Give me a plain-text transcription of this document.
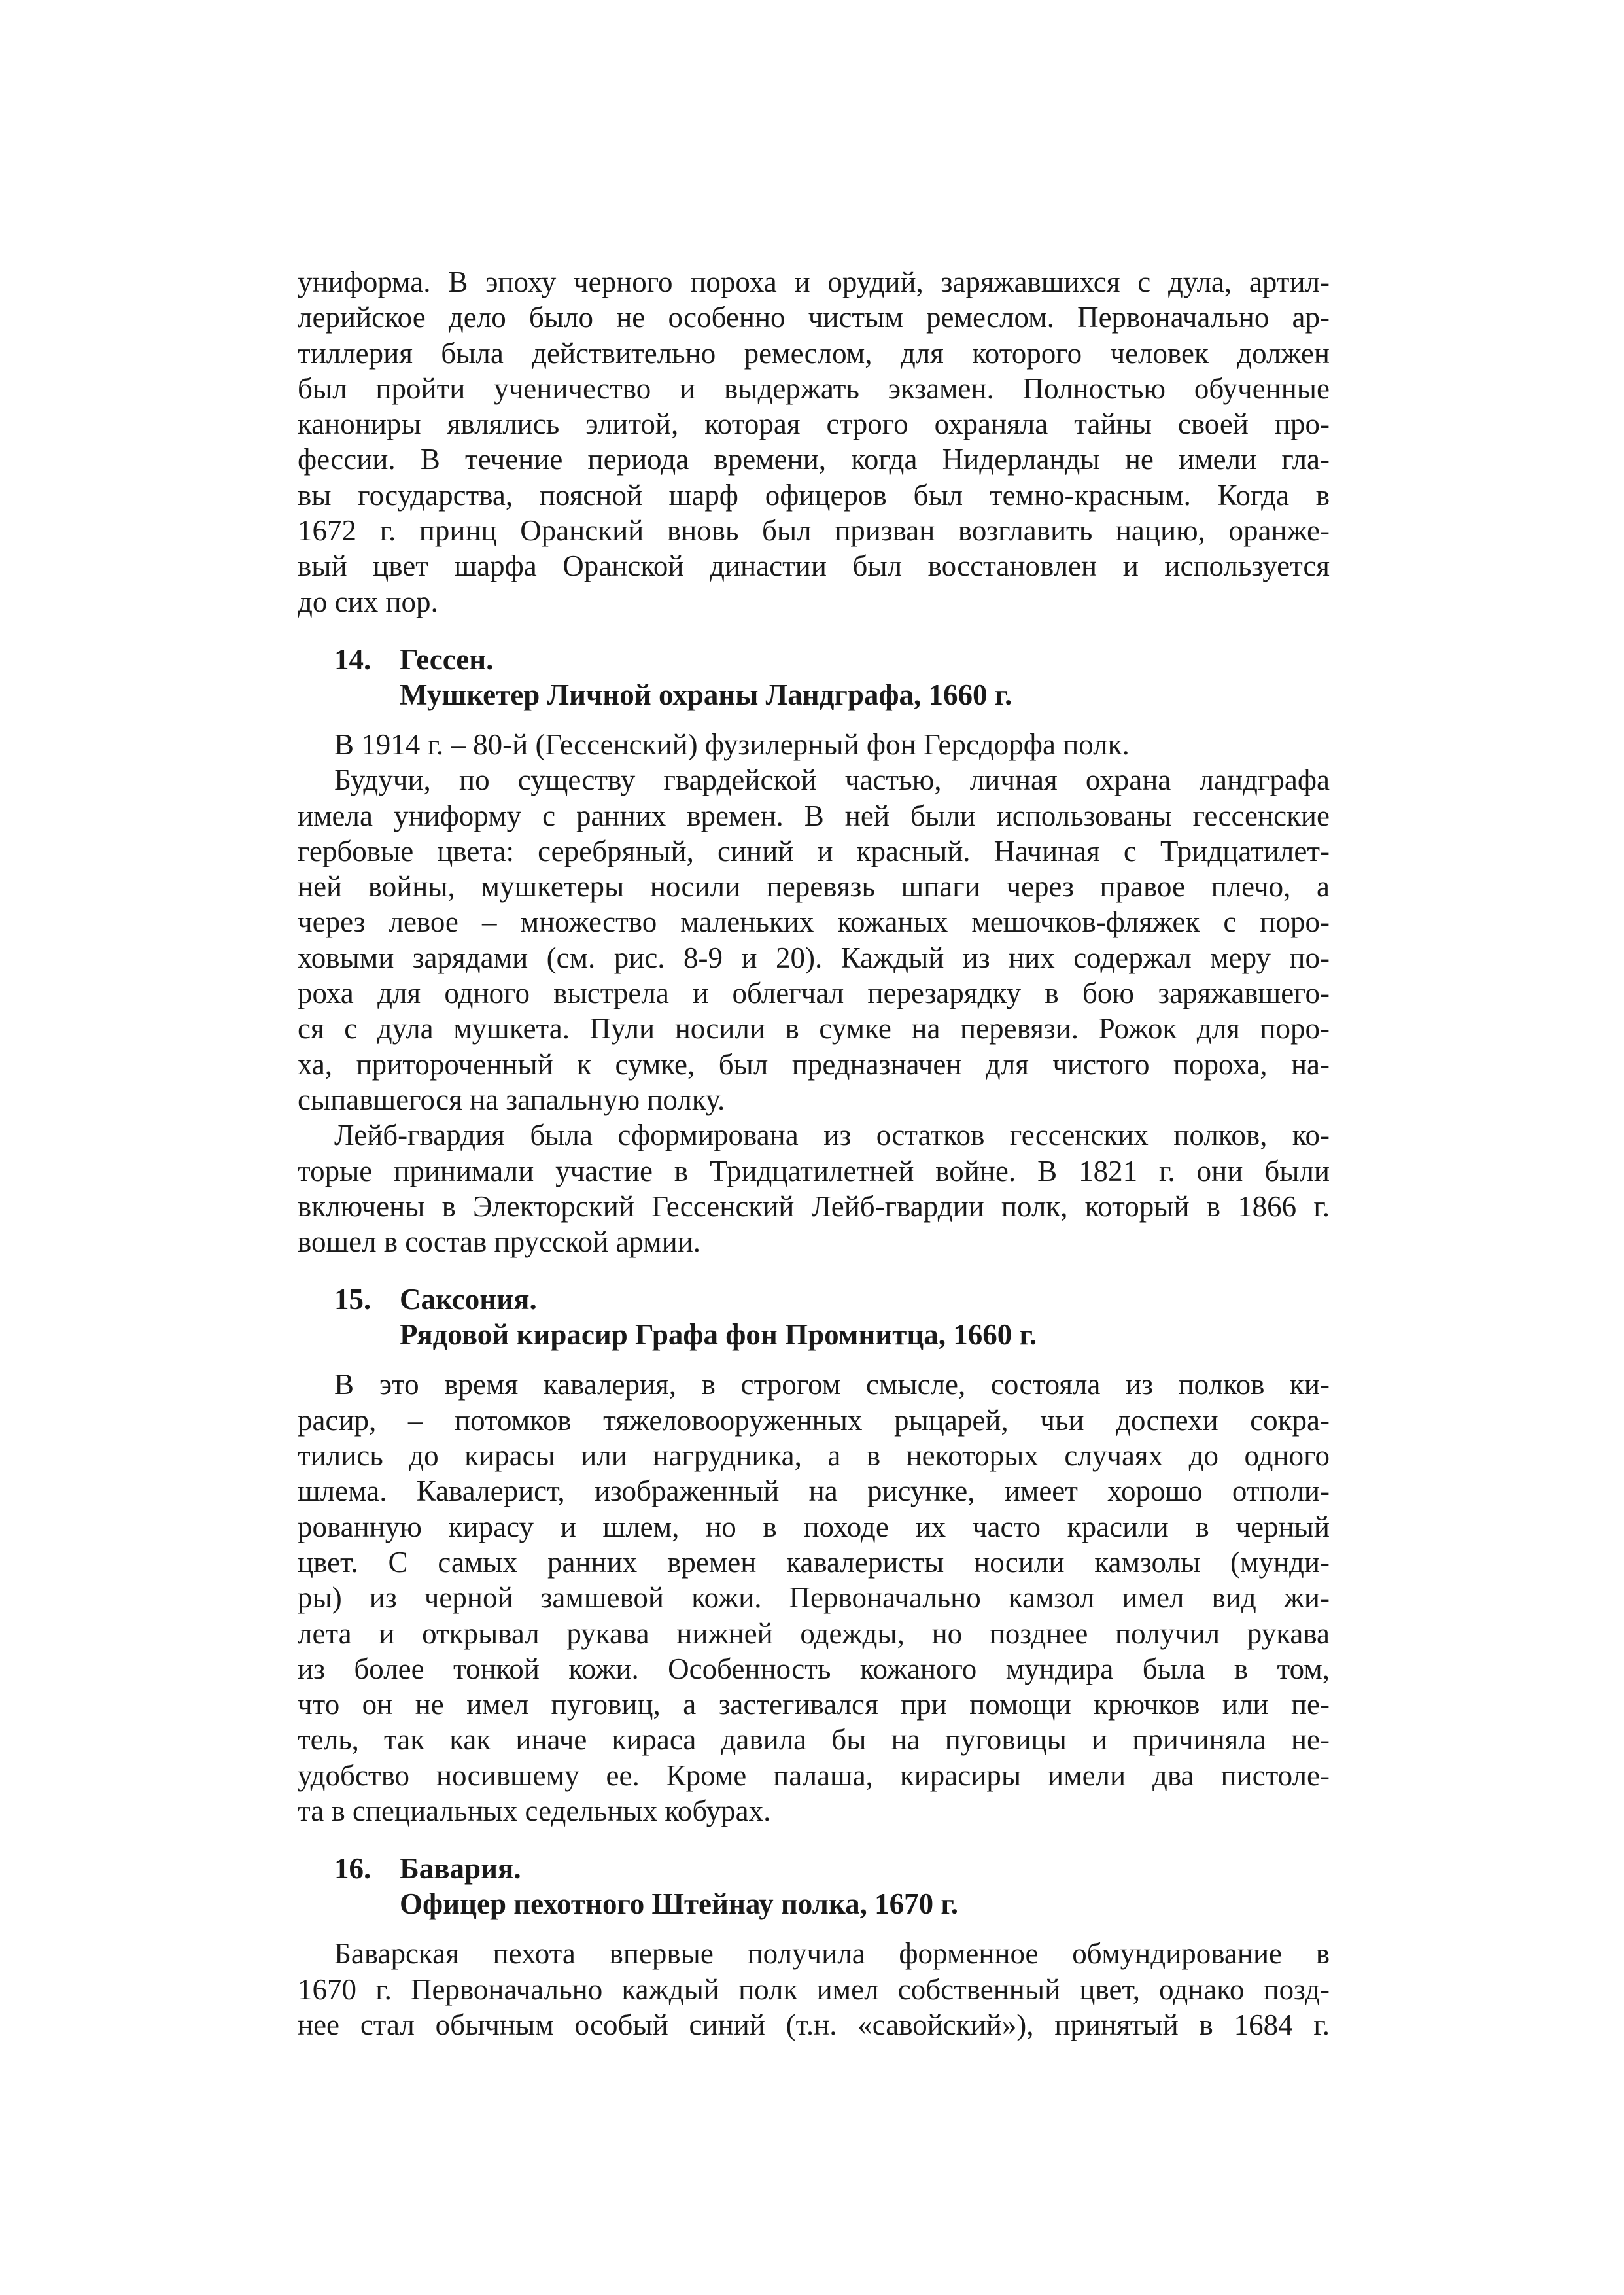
униформа. В эпоху черного пороха и орудий, заряжавшихся с дула, артил-
лерийское дело было не особенно чистым ремеслом. Первоначально ар-
тиллерия была действительно ремеслом, для которого человек должен
был пройти ученичество и выдержать экзамен. Полностью обученные
канониры являлись элитой, которая строго охраняла тайны своей про-
фессии. В течение периода времени, когда Нидерланды не имели гла-
вы государства, поясной шарф офицеров был темно-красным. Когда в
1672 г. принц Оранский вновь был призван возглавить нацию, оранже-
вый цвет шарфа Оранской династии был восстановлен и используется
до сих пор.
14. Гессен.
Мушкетер Личной охраны Ландграфа, 1660 г.
В 1914 г. – 80-й (Гессенский) фузилерный фон Герсдорфа полк.
Будучи, по существу гвардейской частью, личная охрана ландграфа
имела униформу с ранних времен. В ней были использованы гессенские
гербовые цвета: серебряный, синий и красный. Начиная с Тридцатилет-
ней войны, мушкетеры носили перевязь шпаги через правое плечо, а
через левое – множество маленьких кожаных мешочков-фляжек с поро-
ховыми зарядами (см. рис. 8-9 и 20). Каждый из них содержал меру по-
роха для одного выстрела и облегчал перезарядку в бою заряжавшего-
ся с дула мушкета. Пули носили в сумке на перевязи. Рожок для поро-
ха, притороченный к сумке, был предназначен для чистого пороха, на-
сыпавшегося на запальную полку.
Лейб-гвардия была сформирована из остатков гессенских полков, ко-
торые принимали участие в Тридцатилетней войне. В 1821 г. они были
включены в Электорский Гессенский Лейб-гвардии полк, который в 1866 г.
вошел в состав прусской армии.
15. Саксония.
Рядовой кирасир Графа фон Промнитца, 1660 г.
В это время кавалерия, в строгом смысле, состояла из полков ки-
расир, – потомков тяжеловооруженных рыцарей, чьи доспехи сокра-
тились до кирасы или нагрудника, а в некоторых случаях до одного
шлема. Кавалерист, изображенный на рисунке, имеет хорошо отполи-
рованную кирасу и шлем, но в походе их часто красили в черный
цвет. С самых ранних времен кавалеристы носили камзолы (мунди-
ры) из черной замшевой кожи. Первоначально камзол имел вид жи-
лета и открывал рукава нижней одежды, но позднее получил рукава
из более тонкой кожи. Особенность кожаного мундира была в том,
что он не имел пуговиц, а застегивался при помощи крючков или пе-
тель, так как иначе кираса давила бы на пуговицы и причиняла не-
удобство носившему ее. Кроме палаша, кирасиры имели два пистоле-
та в специальных седельных кобурах.
16. Бавария.
Офицер пехотного Штейнау полка, 1670 г.
Баварская пехота впервые получила форменное обмундирование в
1670 г. Первоначально каждый полк имел собственный цвет, однако позд-
нее стал обычным особый синий (т.н. «савойский»), принятый в 1684 г.
